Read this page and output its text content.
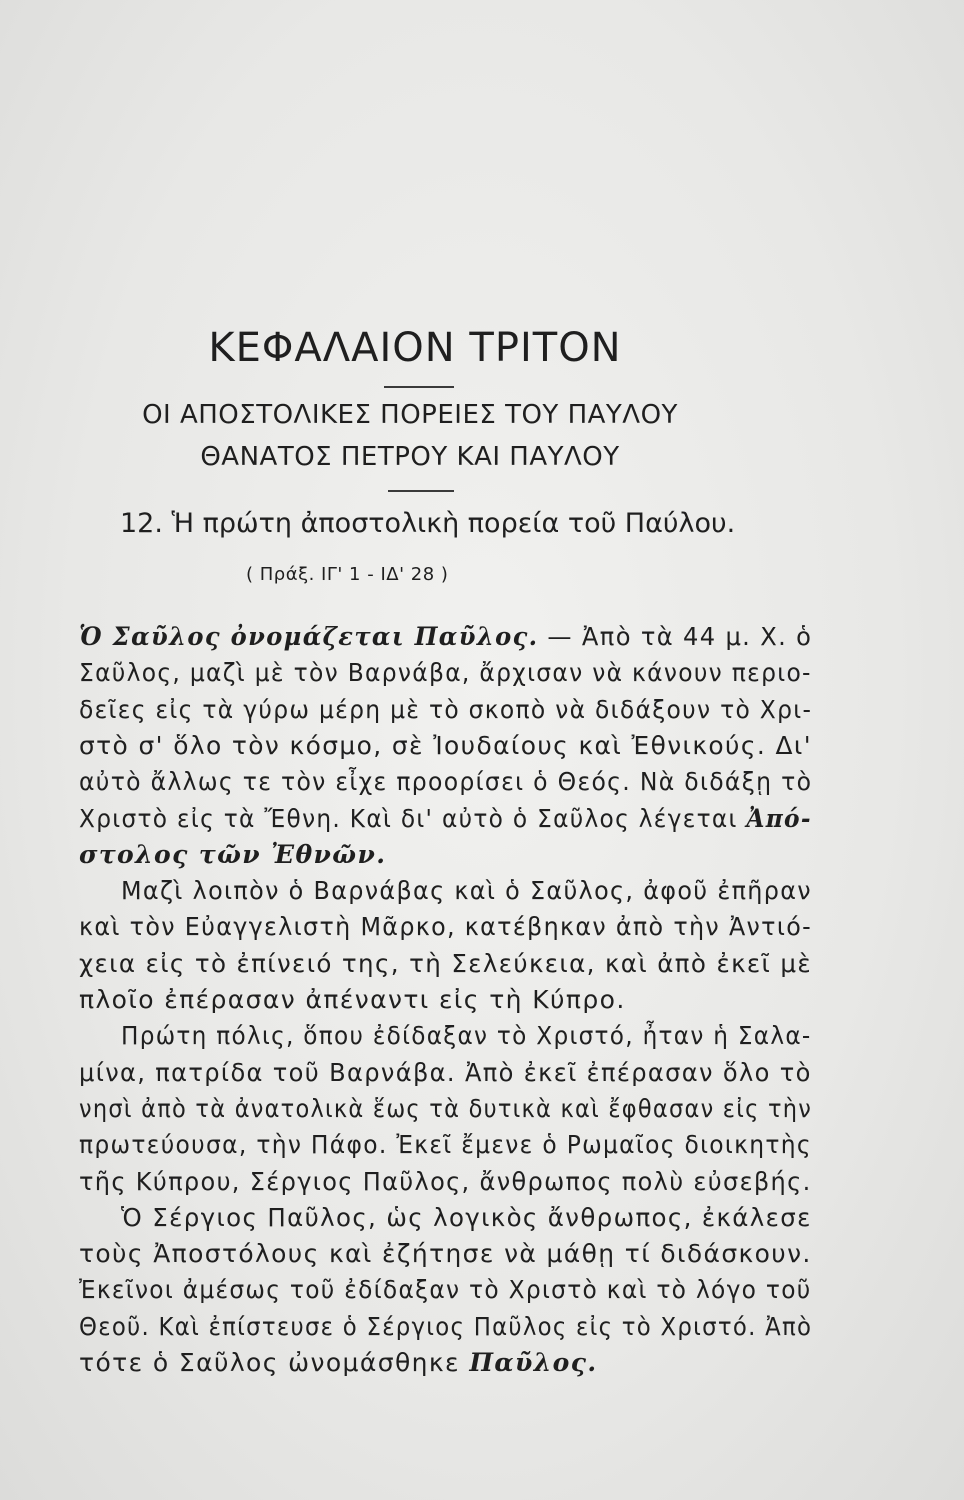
ΚΕΦΑΛΑΙΟΝ ΤΡΙΤΟΝ
ΟΙ ΑΠΟΣΤΟΛΙΚΕΣ ΠΟΡΕΙΕΣ ΤΟΥ ΠΑΥΛΟΥ
ΘΑΝΑΤΟΣ ΠΕΤΡΟΥ ΚΑΙ ΠΑΥΛΟΥ
12. Ἡ πρώτη ἀποστολικὴ πορεία τοῦ Παύλου.
( Πράξ. ΙΓ' 1 - ΙΔ' 28 )
Ὁ Σαῦλος ὀνομάζεται Παῦλος. — Ἀπὸ τὰ 44 μ. Χ. ὁ
Σαῦλος, μαζὶ μὲ τὸν Βαρνάβα, ἄρχισαν νὰ κάνουν περιο-
δεῖες εἰς τὰ γύρω μέρη μὲ τὸ σκοπὸ νὰ διδάξουν τὸ Χρι-
στὸ σ' ὅλο τὸν κόσμο, σὲ Ἰουδαίους καὶ Ἐθνικούς. Δι'
αὐτὸ ἄλλως τε τὸν εἶχε προορίσει ὁ Θεός. Νὰ διδάξῃ τὸ
Χριστὸ εἰς τὰ Ἔθνη. Καὶ δι' αὐτὸ ὁ Σαῦλος λέγεται Ἀπό-
στολος τῶν Ἐθνῶν.
Μαζὶ λοιπὸν ὁ Βαρνάβας καὶ ὁ Σαῦλος, ἀφοῦ ἐπῆραν
καὶ τὸν Εὐαγγελιστὴ Μᾶρκο, κατέβηκαν ἀπὸ τὴν Ἀντιό-
χεια εἰς τὸ ἐπίνειό της, τὴ Σελεύκεια, καὶ ἀπὸ ἐκεῖ μὲ
πλοῖο ἐπέρασαν ἀπέναντι εἰς τὴ Κύπρο.
Πρώτη πόλις, ὅπου ἐδίδαξαν τὸ Χριστό, ἦταν ἡ Σαλα-
μίνα, πατρίδα τοῦ Βαρνάβα. Ἀπὸ ἐκεῖ ἐπέρασαν ὅλο τὸ
νησὶ ἀπὸ τὰ ἀνατολικὰ ἕως τὰ δυτικὰ καὶ ἔφθασαν εἰς τὴν
πρωτεύουσα, τὴν Πάφο. Ἐκεῖ ἔμενε ὁ Ρωμαῖος διοικητὴς
τῆς Κύπρου, Σέργιος Παῦλος, ἄνθρωπος πολὺ εὐσεβής.
Ὁ Σέργιος Παῦλος, ὡς λογικὸς ἄνθρωπος, ἐκάλεσε
τοὺς Ἀποστόλους καὶ ἐζήτησε νὰ μάθῃ τί διδάσκουν.
Ἐκεῖνοι ἀμέσως τοῦ ἐδίδαξαν τὸ Χριστὸ καὶ τὸ λόγο τοῦ
Θεοῦ. Καὶ ἐπίστευσε ὁ Σέργιος Παῦλος εἰς τὸ Χριστό. Ἀπὸ
τότε ὁ Σαῦλος ὠνομάσθηκε Παῦλος.
